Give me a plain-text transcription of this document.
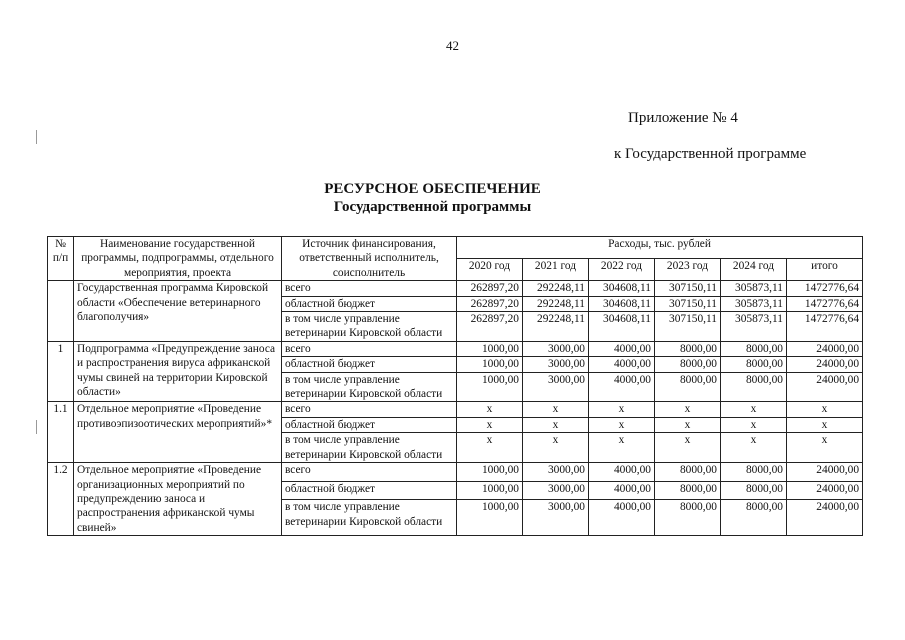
42
Приложение № 4
к Государственной программе
РЕСУРСНОЕ ОБЕСПЕЧЕНИЕ
Государственной программы
№ п/п	Наименование государственной программы, подпрограммы, отдельного мероприятия, проекта	Источник финансирования, ответственный исполнитель, соисполнитель	Расходы, тыс. рублей					
			2020 год	2021 год	2022 год	2023 год	2024 год	итого
	Государственная программа Кировской области «Обеспечение ветеринарного благополучия»	всего	262897,20	292248,11	304608,11	307150,11	305873,11	1472776,64
		областной бюджет	262897,20	292248,11	304608,11	307150,11	305873,11	1472776,64
		в том числе управление ветеринарии Кировской области	262897,20	292248,11	304608,11	307150,11	305873,11	1472776,64
1	Подпрограмма «Предупреждение заноса и распространения вируса африканской чумы свиней на территории Кировской области»	всего	1000,00	3000,00	4000,00	8000,00	8000,00	24000,00
		областной бюджет	1000,00	3000,00	4000,00	8000,00	8000,00	24000,00
		в том числе управление ветеринарии Кировской области	1000,00	3000,00	4000,00	8000,00	8000,00	24000,00
1.1	Отдельное мероприятие «Проведение противоэпизоотических мероприятий»*	всего	x	x	x	x	x	x
		областной бюджет	x	x	x	x	x	x
		в том числе управление ветеринарии Кировской области	x	x	x	x	x	x
1.2	Отдельное мероприятие «Проведение организационных мероприятий по предупреждению заноса и распространения африканской чумы свиней»	всего	1000,00	3000,00	4000,00	8000,00	8000,00	24000,00
		областной бюджет	1000,00	3000,00	4000,00	8000,00	8000,00	24000,00
		в том числе управление ветеринарии Кировской области	1000,00	3000,00	4000,00	8000,00	8000,00	24000,00
